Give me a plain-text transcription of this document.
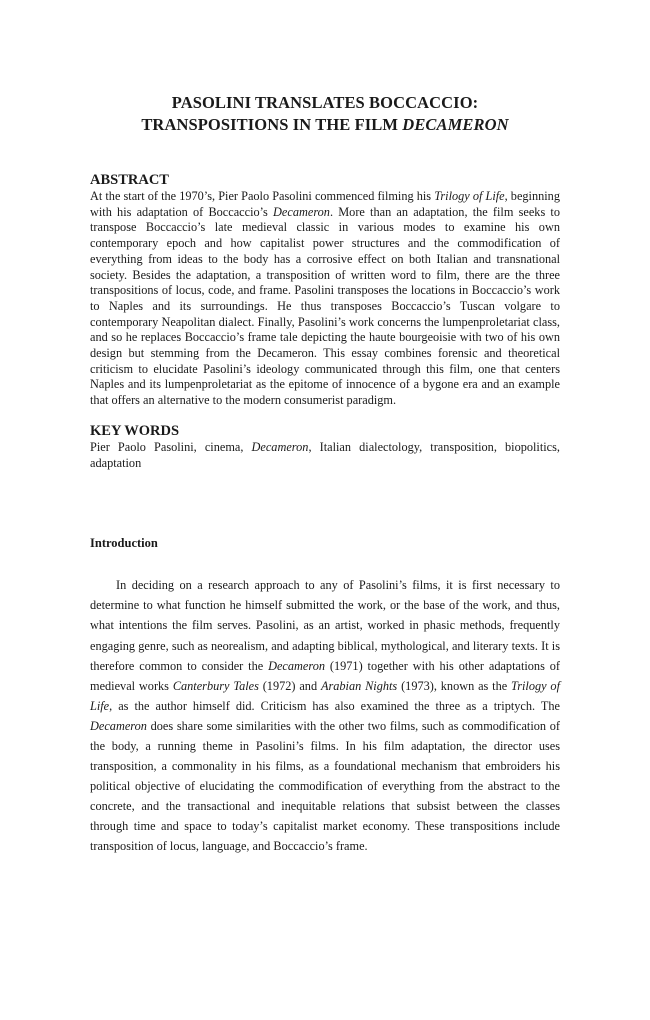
PASOLINI TRANSLATES BOCCACCIO:
TRANSPOSITIONS IN THE FILM DECAMERON
ABSTRACT

At the start of the 1970’s, Pier Paolo Pasolini commenced filming his Trilogy of Life, beginning with his adaptation of Boccaccio’s Decameron. More than an adaptation, the film seeks to transpose Boccaccio’s late medieval classic in various modes to examine his own contemporary epoch and how capitalist power structures and the commodification of everything from ideas to the body has a corrosive effect on both Italian and transnational society. Besides the adaptation, a transposition of written word to film, there are the three transpositions of locus, code, and frame. Pasolini transposes the locations in Boccaccio’s work to Naples and its surroundings. He thus transposes Boccaccio’s Tuscan volgare to contemporary Neapolitan dialect. Finally, Pasolini’s work concerns the lumpenproletariat class, and so he replaces Boccaccio’s frame tale depicting the haute bourgeoisie with two of his own design but stemming from the Decameron. This essay combines forensic and theoretical criticism to elucidate Pasolini’s ideology communicated through this film, one that centers Naples and its lumpenproletariat as the epitome of innocence of a bygone era and an example that offers an alternative to the modern consumerist paradigm.

KEY WORDS

Pier Paolo Pasolini, cinema, Decameron, Italian dialectology, transposition, biopolitics, adaptation

Introduction

In deciding on a research approach to any of Pasolini’s films, it is first necessary to determine to what function he himself submitted the work, or the base of the work, and thus, what intentions the film serves. Pasolini, as an artist, worked in phasic methods, frequently engaging genre, such as neorealism, and adapting biblical, mythological, and literary texts. It is therefore common to consider the Decameron (1971) together with his other adaptations of medieval works Canterbury Tales (1972) and Arabian Nights (1973), known as the Trilogy of Life, as the author himself did. Criticism has also examined the three as a triptych. The Decameron does share some similarities with the other two films, such as commodification of the body, a running theme in Pasolini’s films. In his film adaptation, the director uses transposition, a commonality in his films, as a foundational mechanism that embroiders his political objective of elucidating the commodification of everything from the abstract to the concrete, and the transactional and inequitable relations that subsist between the classes through time and space to today’s capitalist market economy. These transpositions include transposition of locus, language, and Boccaccio’s frame.
